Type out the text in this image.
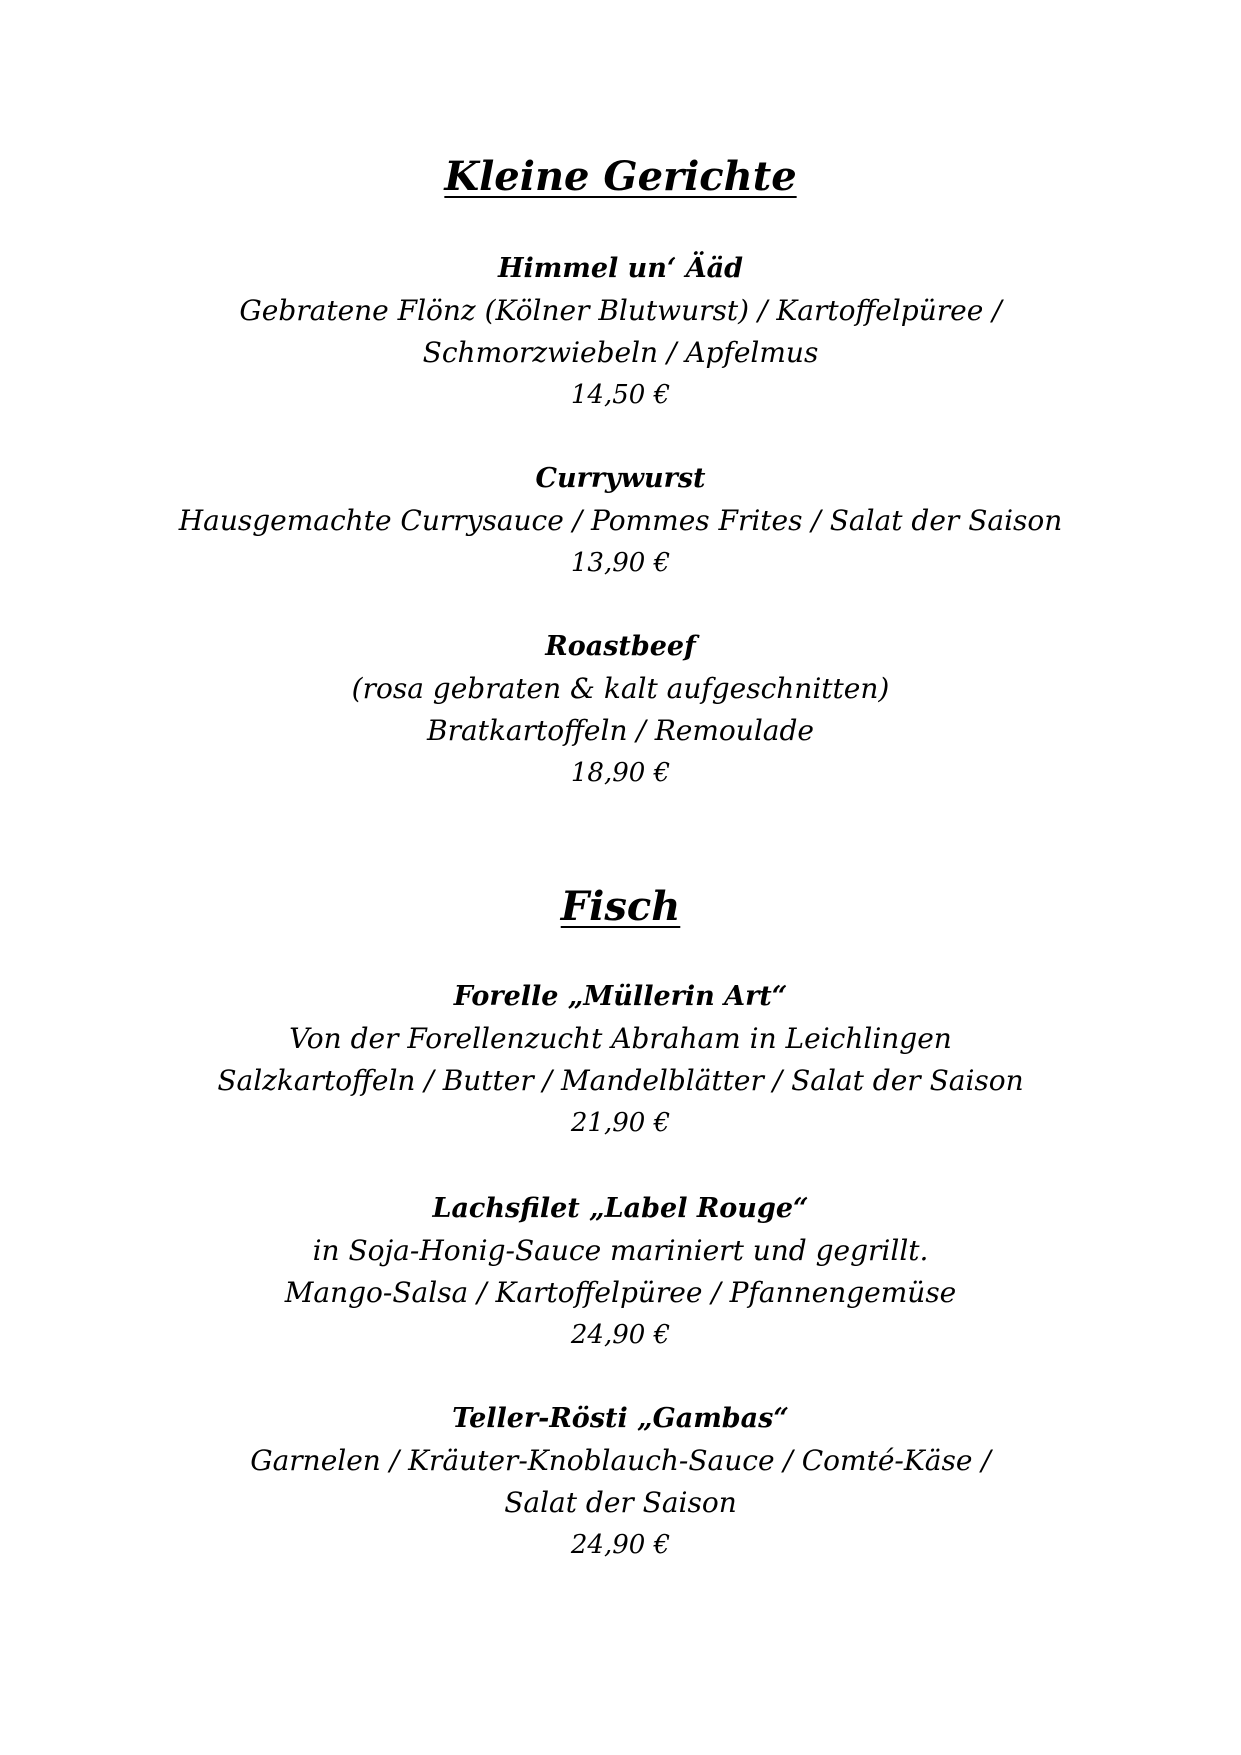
Kleine Gerichte
Himmel un‘ Ääd
Gebratene Flönz (Kölner Blutwurst) / Kartoffelpüree /
Schmorzwiebeln / Apfelmus
14,50 €
Currywurst
Hausgemachte Currysauce / Pommes Frites / Salat der Saison
13,90 €
Roastbeef
(rosa gebraten & kalt aufgeschnitten)
Bratkartoffeln / Remoulade
18,90 €
Fisch
Forelle „Müllerin Art“
Von der Forellenzucht Abraham in Leichlingen
Salzkartoffeln / Butter / Mandelblätter / Salat der Saison
21,90 €
Lachsfilet „Label Rouge“
in Soja-Honig-Sauce mariniert und gegrillt.
Mango-Salsa / Kartoffelpüree / Pfannengemüse
24,90 €
Teller-Rösti „Gambas“
Garnelen / Kräuter-Knoblauch-Sauce / Comté-Käse /
Salat der Saison
24,90 €
